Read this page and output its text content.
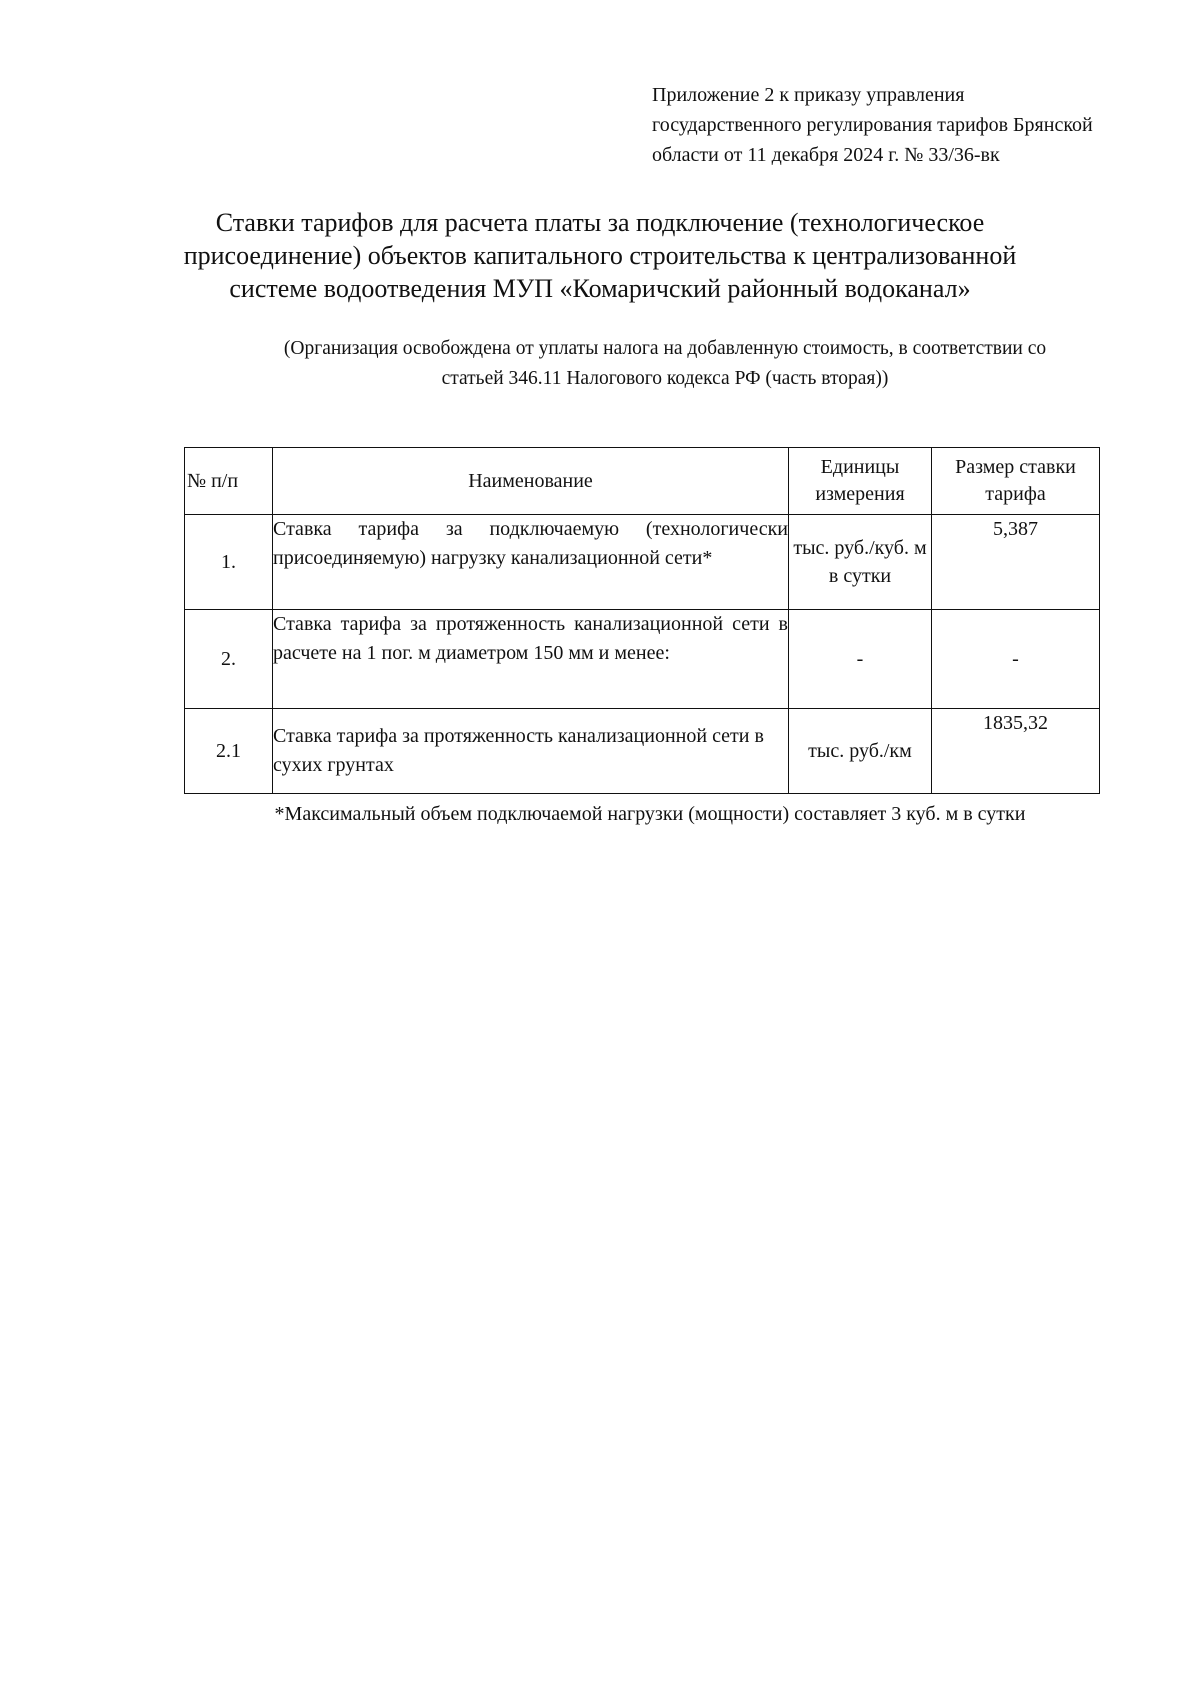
Приложение 2 к приказу управления
государственного регулирования тарифов Брянской
области от 11 декабря 2024 г. № 33/36-вк
Ставки тарифов для расчета платы за подключение (технологическое
присоединение) объектов капитального строительства к централизованной
системе водоотведения МУП «Комаричский районный водоканал»
(Организация освобождена от уплаты налога на добавленную стоимость, в соответствии со
статьей 346.11 Налогового кодекса РФ (часть вторая))
№ п/п	Наименование	Единицы измерения	Размер ставки тарифа
1.	Ставка тарифа за подключаемую (технологически присоединяемую) нагрузку канализационной сети*	тыс. руб./куб. м в сутки	5,387
2.	Ставка тарифа за протяженность канализационной сети в расчете на 1 пог. м диаметром 150 мм и менее:	-	-
2.1	Ставка тарифа за протяженность канализационной сети в сухих грунтах	тыс. руб./км	1835,32
*Максимальный объем подключаемой нагрузки (мощности) составляет 3 куб. м в сутки
